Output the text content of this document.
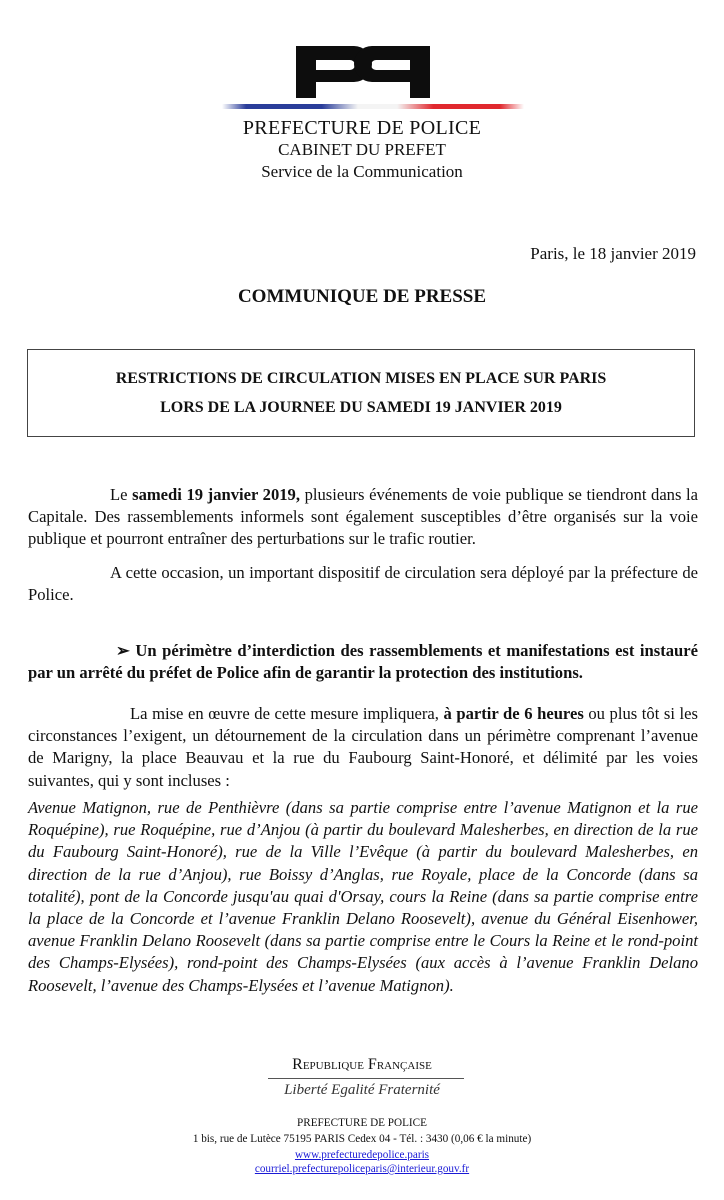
PREFECTURE DE POLICE
CABINET DU PREFET
Service de la Communication
Paris, le 18 janvier 2019
COMMUNIQUE DE PRESSE
RESTRICTIONS DE CIRCULATION MISES EN PLACE SUR PARIS
LORS DE LA JOURNEE DU SAMEDI 19 JANVIER 2019
Le samedi 19 janvier 2019, plusieurs événements de voie publique se tiendront dans la Capitale. Des rassemblements informels sont également susceptibles d’être organisés sur la voie publique et pourront entraîner des perturbations sur le trafic routier.
A cette occasion, un important dispositif de circulation sera déployé par la préfecture de Police.
➢ Un périmètre d’interdiction des rassemblements et manifestations est instauré par un arrêté du préfet de Police afin de garantir la protection des institutions.
La mise en œuvre de cette mesure impliquera, à partir de 6 heures ou plus tôt si les circonstances l’exigent, un détournement de la circulation dans un périmètre comprenant l’avenue de Marigny, la place Beauvau et la rue du Faubourg Saint-Honoré, et délimité par les voies suivantes, qui y sont incluses :
Avenue Matignon, rue de Penthièvre (dans sa partie comprise entre l’avenue Matignon et la rue Roquépine), rue Roquépine, rue d’Anjou (à partir du boulevard Malesherbes, en direction de la rue du Faubourg Saint-Honoré), rue de la Ville l’Evêque (à partir du boulevard Malesherbes, en direction de la rue d’Anjou), rue Boissy d’Anglas, rue Royale, place de la Concorde (dans sa totalité), pont de la Concorde jusqu'au quai d'Orsay, cours la Reine (dans sa partie comprise entre la place de la Concorde et l’avenue Franklin Delano Roosevelt), avenue du Général Eisenhower, avenue Franklin Delano Roosevelt (dans sa partie comprise entre le Cours la Reine et le rond-point des Champs-Elysées), rond-point des Champs-Elysées (aux accès à l’avenue Franklin Delano Roosevelt, l’avenue des Champs-Elysées et l’avenue Matignon).
Republique Française
Liberté Egalité Fraternité
PREFECTURE DE POLICE
1 bis, rue de Lutèce 75195 PARIS Cedex 04 - Tél. : 3430 (0,06 € la minute)
www.prefecturedepolice.paris
courriel.prefecturepoliceparis@interieur.gouv.fr
